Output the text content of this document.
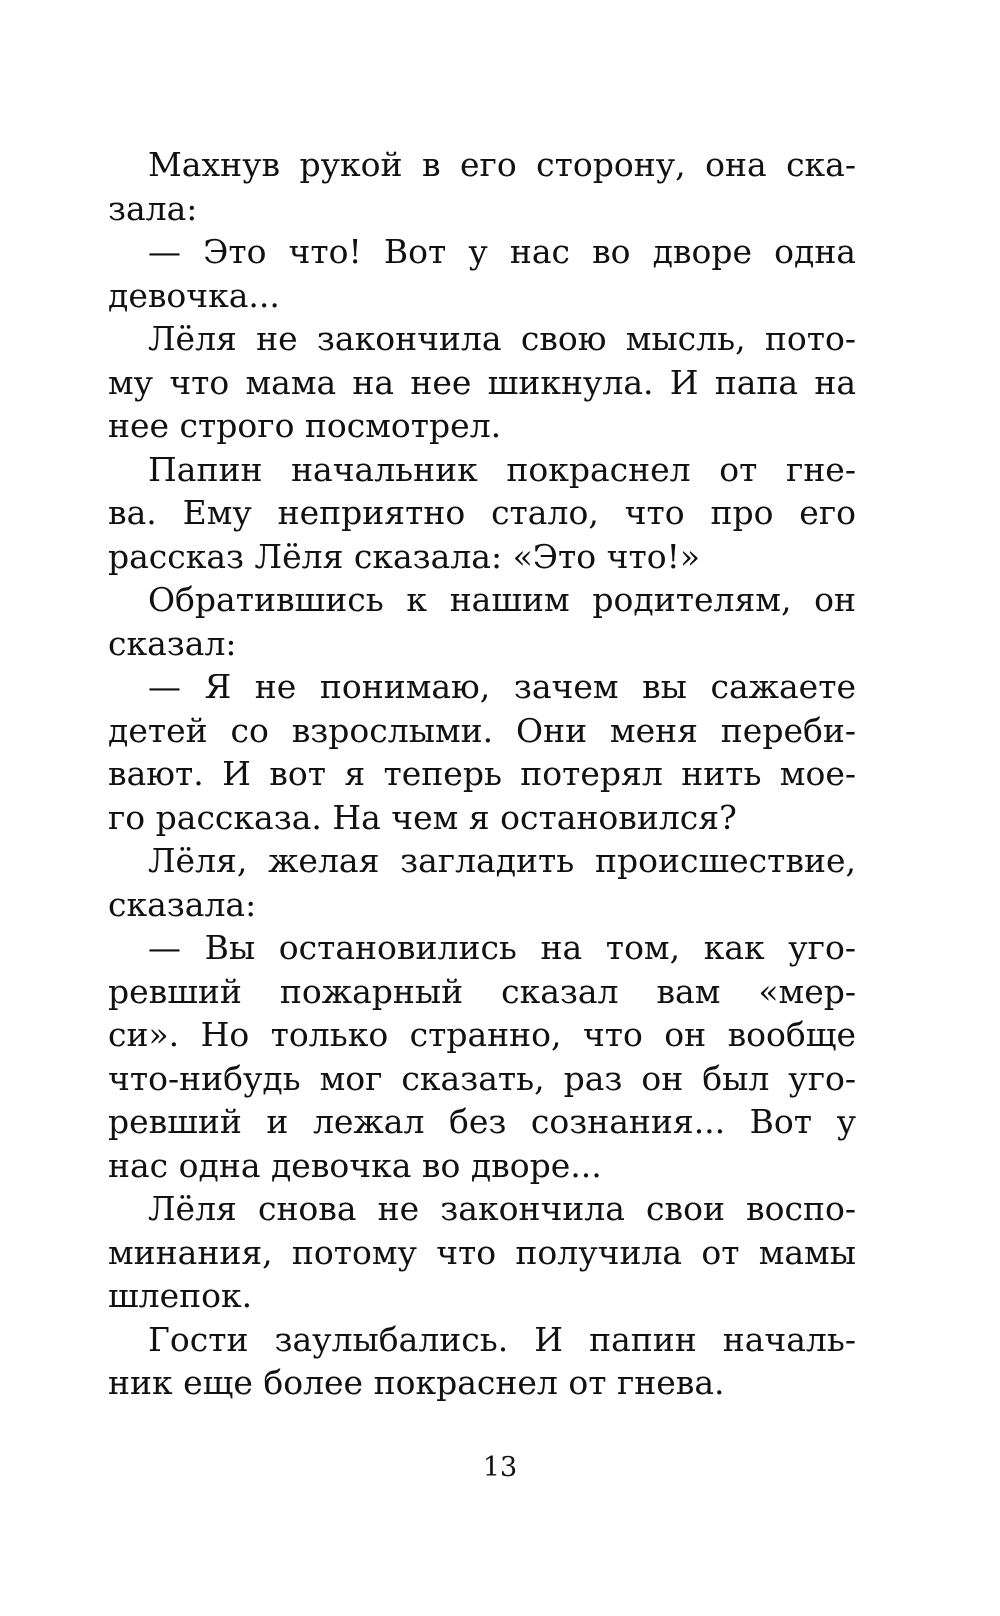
Махнув рукой в его сторону, она ска-
зала:
— Это что! Вот у нас во дворе одна
девочка...
Лёля не закончила свою мысль, пото-
му что мама на нее шикнула. И папа на
нее строго посмотрел.
Папин начальник покраснел от гне-
ва. Ему неприятно стало, что про его
рассказ Лёля сказала: «Это что!»
Обратившись к нашим родителям, он
сказал:
— Я не понимаю, зачем вы сажаете
детей со взрослыми. Они меня переби-
вают. И вот я теперь потерял нить мое-
го рассказа. На чем я остановился?
Лёля, желая загладить происшествие,
сказала:
— Вы остановились на том, как уго-
ревший пожарный сказал вам «мер-
си». Но только странно, что он вообще
что-нибудь мог сказать, раз он был уго-
ревший и лежал без сознания... Вот у
нас одна девочка во дворе...
Лёля снова не закончила свои воспо-
минания, потому что получила от мамы
шлепок.
Гости заулыбались. И папин началь-
ник еще более покраснел от гнева.
13
